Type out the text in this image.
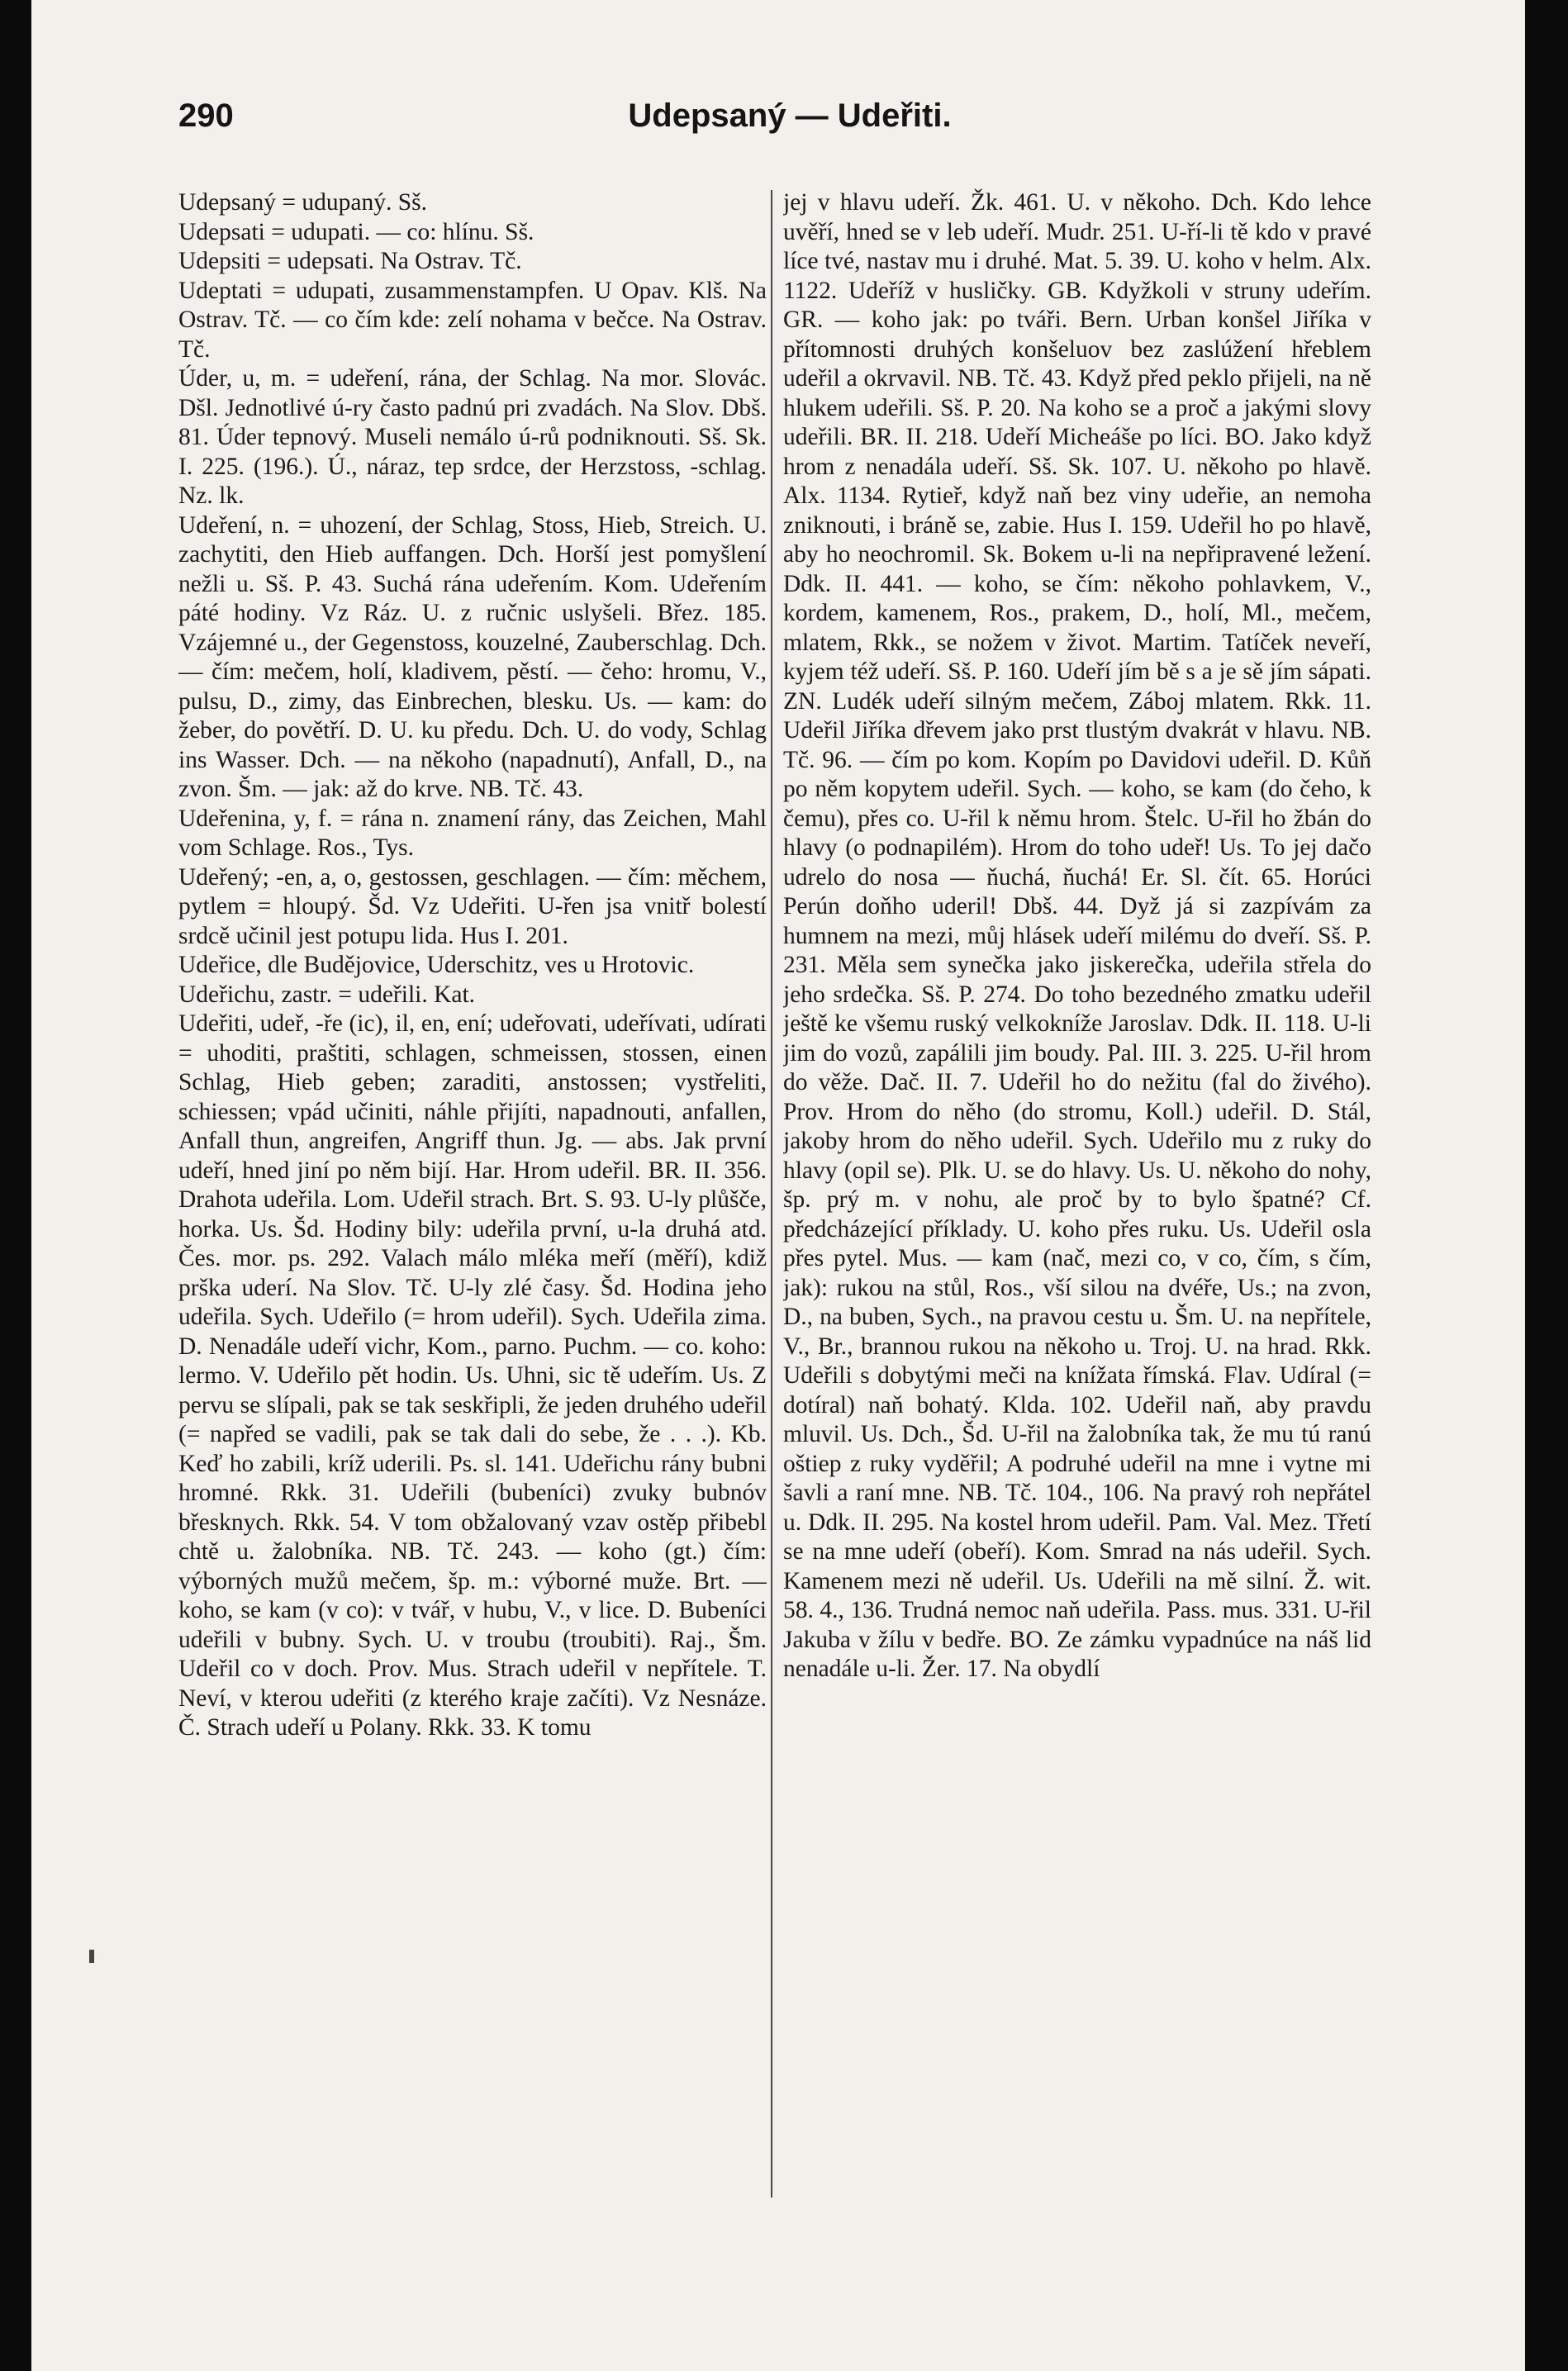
290	Udepsaný — Udeřiti.

Udepsaný = udupaný. Sš.

Udepsati = udupati. — co: hlínu. Sš.

Udepsiti = udepsati. Na Ostrav. Tč.

Udeptati = udupati, zusammenstampfen. U Opav. Klš. Na Ostrav. Tč. — co čím kde: zelí nohama v bečce. Na Ostrav. Tč.

Úder, u, m. = udeření, rána, der Schlag. Na mor. Slovác. Dšl. Jednotlivé ú-ry často padnú pri zvadách. Na Slov. Dbš. 81. Úder tepnový. Museli nemálo ú-rů podniknouti. Sš. Sk. I. 225. (196.). Ú., náraz, tep srdce, der Herzstoss, -schlag. Nz. lk.

Udeření, n. = uhození, der Schlag, Stoss, Hieb, Streich. U. zachytiti, den Hieb auffangen. Dch. Horší jest pomyšlení nežli u. Sš. P. 43. Suchá rána udeřením. Kom. Udeřením páté hodiny. Vz Ráz. U. z ručnic uslyšeli. Břez. 185. Vzájemné u., der Gegenstoss, kouzelné, Zauberschlag. Dch. — čím: mečem, holí, kladivem, pěstí. — čeho: hromu, V., pulsu, D., zimy, das Einbrechen, blesku. Us. — kam: do žeber, do povětří. D. U. ku předu. Dch. U. do vody, Schlag ins Wasser. Dch. — na někoho (napadnutí), Anfall, D., na zvon. Šm. — jak: až do krve. NB. Tč. 43.

Udeřenina, y, f. = rána n. znamení rány, das Zeichen, Mahl vom Schlage. Ros., Tys.

Udeřený; -en, a, o, gestossen, geschlagen. — čím: měchem, pytlem = hloupý. Šd. Vz Udeřiti. U-řen jsa vnitř bolestí srdcě učinil jest potupu lida. Hus I. 201.

Udeřice, dle Budějovice, Uderschitz, ves u Hrotovic.

Udeřichu, zastr. = udeřili. Kat.

Udeřiti, udeř, -ře (ic), il, en, ení; udeřovati, udeřívati, udírati = uhoditi, praštiti, schlagen, schmeissen, stossen, einen Schlag, Hieb geben; zaraditi, anstossen; vystřeliti, schiessen; vpád učiniti, náhle přijíti, napadnouti, anfallen, Anfall thun, angreifen, Angriff thun. Jg. — abs. Jak první udeří, hned jiní po něm bijí. Har. Hrom udeřil. BR. II. 356. Drahota udeřila. Lom. Udeřil strach. Brt. S. 93. U-ly plůšče, horka. Us. Šd. Hodiny bily: udeřila první, u-la druhá atd. Čes. mor. ps. 292. Valach málo mléka meří (měří), kdiž prška uderí. Na Slov. Tč. U-ly zlé časy. Šd. Hodina jeho udeřila. Sych. Udeřilo (= hrom udeřil). Sych. Udeřila zima. D. Nenadále udeří vichr, Kom., parno. Puchm. — co. koho: lermo. V. Udeřilo pět hodin. Us. Uhni, sic tě udeřím. Us. Z pervu se slípali, pak se tak seskřipli, že jeden druhého udeřil (= napřed se vadili, pak se tak dali do sebe, že . . .). Kb. Keď ho zabili, kríž uderili. Ps. sl. 141. Udeřichu rány bubni hromné. Rkk. 31. Udeřili (bubeníci) zvuky bubnóv břesknych. Rkk. 54. V tom obžalovaný vzav ostěp přibebl chtě u. žalobníka. NB. Tč. 243. — koho (gt.) čím: výborných mužů mečem, šp. m.: výborné muže. Brt. — koho, se kam (v co): v tvář, v hubu, V., v lice. D. Bubeníci udeřili v bubny. Sych. U. v troubu (troubiti). Raj., Šm. Udeřil co v doch. Prov. Mus. Strach udeřil v nepřítele. T. Neví, v kterou udeřiti (z kterého kraje začíti). Vz Nesnáze. Č. Strach udeří u Polany. Rkk. 33. K tomu

jej v hlavu udeří. Žk. 461. U. v někoho. Dch. Kdo lehce uvěří, hned se v leb udeří. Mudr. 251. U-ří-li tě kdo v pravé líce tvé, nastav mu i druhé. Mat. 5. 39. U. koho v helm. Alx. 1122. Udeříž v husličky. GB. Kdyžkoli v struny udeřím. GR. — koho jak: po tváři. Bern. Urban konšel Jiříka v přítomnosti druhých konšeluov bez zaslúžení hřeblem udeřil a okrvavil. NB. Tč. 43. Když před peklo přijeli, na ně hlukem udeřili. Sš. P. 20. Na koho se a proč a jakými slovy udeřili. BR. II. 218. Udeří Micheáše po líci. BO. Jako když hrom z nenadála udeří. Sš. Sk. 107. U. někoho po hlavě. Alx. 1134. Rytieř, když naň bez viny udeřie, an nemoha zniknouti, i bráně se, zabie. Hus I. 159. Udeřil ho po hlavě, aby ho neochromil. Sk. Bokem u-li na nepřipravené ležení. Ddk. II. 441. — koho, se čím: někoho pohlavkem, V., kordem, kamenem, Ros., prakem, D., holí, Ml., mečem, mlatem, Rkk., se nožem v život. Martim. Tatíček neveří, kyjem též udeří. Sš. P. 160. Udeří jím bě s a je sě jím sápati. ZN. Ludék udeří silným mečem, Záboj mlatem. Rkk. 11. Udeřil Jiříka dřevem jako prst tlustým dvakrát v hlavu. NB. Tč. 96. — čím po kom. Kopím po Davidovi udeřil. D. Kůň po něm kopytem udeřil. Sych. — koho, se kam (do čeho, k čemu), přes co. U-řil k němu hrom. Štelc. U-řil ho žbán do hlavy (o podnapilém). Hrom do toho udeř! Us. To jej dačo udrelo do nosa — ňuchá, ňuchá! Er. Sl. čít. 65. Horúci Perún doňho uderil! Dbš. 44. Dyž já si zazpívám za humnem na mezi, můj hlásek udeří milému do dveří. Sš. P. 231. Měla sem synečka jako jiskerečka, udeřila střela do jeho srdečka. Sš. P. 274. Do toho bezedného zmatku udeřil ještě ke všemu ruský velkokníže Jaroslav. Ddk. II. 118. U-li jim do vozů, zapálili jim boudy. Pal. III. 3. 225. U-řil hrom do věže. Dač. II. 7. Udeřil ho do nežitu (fal do živého). Prov. Hrom do něho (do stromu, Koll.) udeřil. D. Stál, jakoby hrom do něho udeřil. Sych. Udeřilo mu z ruky do hlavy (opil se). Plk. U. se do hlavy. Us. U. někoho do nohy, šp. prý m. v nohu, ale proč by to bylo špatné? Cf. předcházející příklady. U. koho přes ruku. Us. Udeřil osla přes pytel. Mus. — kam (nač, mezi co, v co, čím, s čím, jak): rukou na stůl, Ros., vší silou na dvéře, Us.; na zvon, D., na buben, Sych., na pravou cestu u. Šm. U. na nepřítele, V., Br., brannou rukou na někoho u. Troj. U. na hrad. Rkk. Udeřili s dobytými meči na knížata římská. Flav. Udíral (= dotíral) naň bohatý. Klda. 102. Udeřil naň, aby pravdu mluvil. Us. Dch., Šd. U-řil na žalobníka tak, že mu tú ranú oštiep z ruky vyděřil; A podruhé udeřil na mne i vytne mi šavli a raní mne. NB. Tč. 104., 106. Na pravý roh nepřátel u. Ddk. II. 295. Na kostel hrom udeřil. Pam. Val. Mez. Třetí se na mne udeří (obeří). Kom. Smrad na nás udeřil. Sych. Kamenem mezi ně udeřil. Us. Udeřili na mě silní. Ž. wit. 58. 4., 136. Trudná nemoc naň udeřila. Pass. mus. 331. U-řil Jakuba v žílu v bedře. BO. Ze zámku vypadnúce na náš lid nenadále u-li. Žer. 17. Na obydlí
